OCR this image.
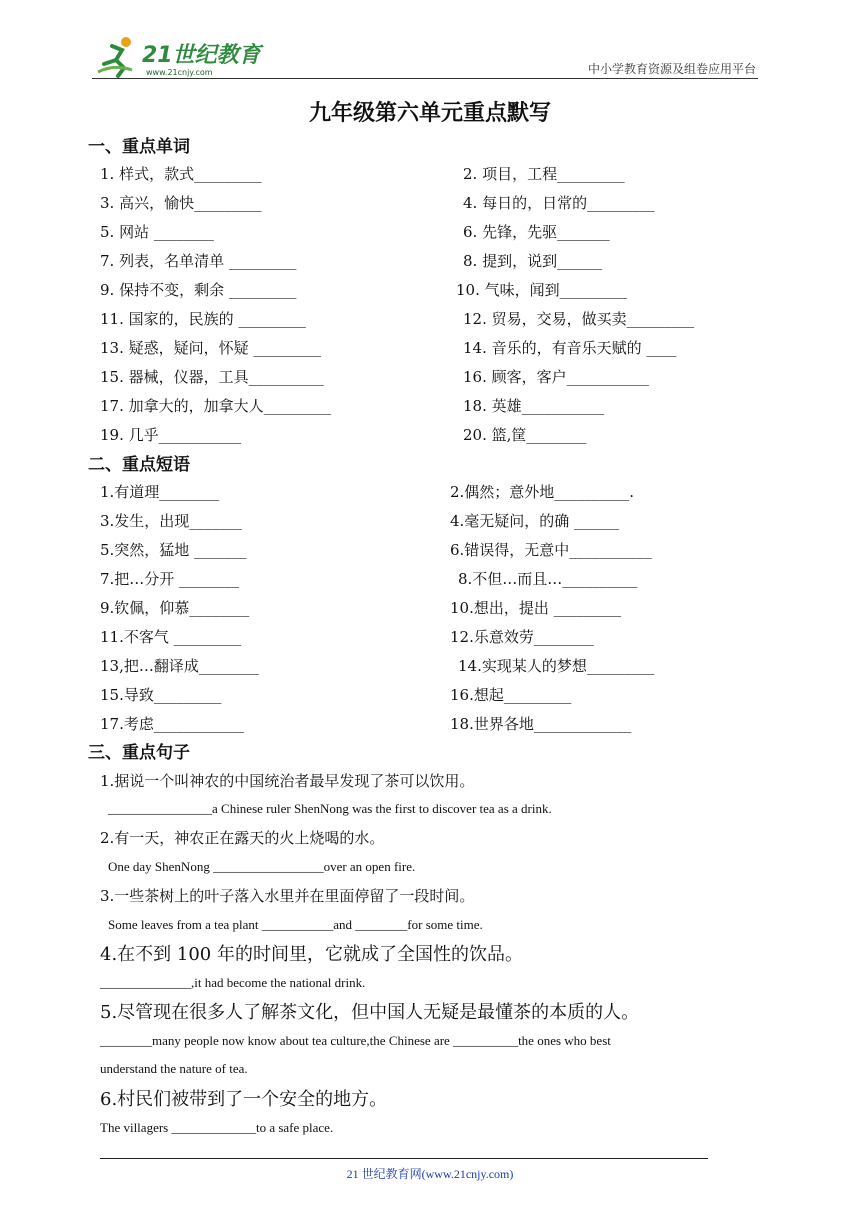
21世纪教育
www.21cnjy.com	中小学教育资源及组卷应用平台
九年级第六单元重点默写
一、重点单词
1. 样式，款式_________	2. 项目，工程_________
3. 高兴，愉快_________	4. 每日的，日常的_________
5. 网站 ________	6. 先锋，先驱_______
7. 列表，名单清单 _________	8. 提到，说到______
9. 保持不变，剩余 _________	10. 气味，闻到_________
11. 国家的，民族的 _________	12. 贸易，交易，做买卖_________
13. 疑惑，疑问，怀疑 _________	14. 音乐的，有音乐天赋的 ____
15. 器械，仪器，工具__________	16. 顾客，客户___________
17. 加拿大的，加拿大人_________	18. 英雄___________
19. 几乎___________	20. 篮,筐________
二、重点短语
1.有道理________	2.偶然；意外地__________.
3.发生，出现_______	4.毫无疑问，的确 ______
5.突然，猛地 _______	6.错误得，无意中___________
7.把…分开 ________	8.不但…而且…__________
9.钦佩，仰慕________	10.想出，提出 _________
11.不客气 _________	12.乐意效劳________
13,把…翻译成________	14.实现某人的梦想_________
15.导致_________	16.想起_________
17.考虑____________	18.世界各地_____________
三、重点句子
1.据说一个叫神农的中国统治者最早发现了茶可以饮用。
________________a Chinese ruler ShenNong was the first to discover tea as a drink.
2.有一天，神农正在露天的火上烧喝的水。
One day ShenNong _________________over an open fire.
3.一些茶树上的叶子落入水里并在里面停留了一段时间。
Some leaves from a tea plant ___________and ________for some time.
4.在不到 100 年的时间里，它就成了全国性的饮品。
______________,it had become the national drink.
5.尽管现在很多人了解茶文化，但中国人无疑是最懂茶的本质的人。
________many people now know about tea culture,the Chinese are __________the ones who best
understand the nature of tea.
6.村民们被带到了一个安全的地方。
The villagers _____________to a safe place.
21 世纪教育网(www.21cnjy.com)
